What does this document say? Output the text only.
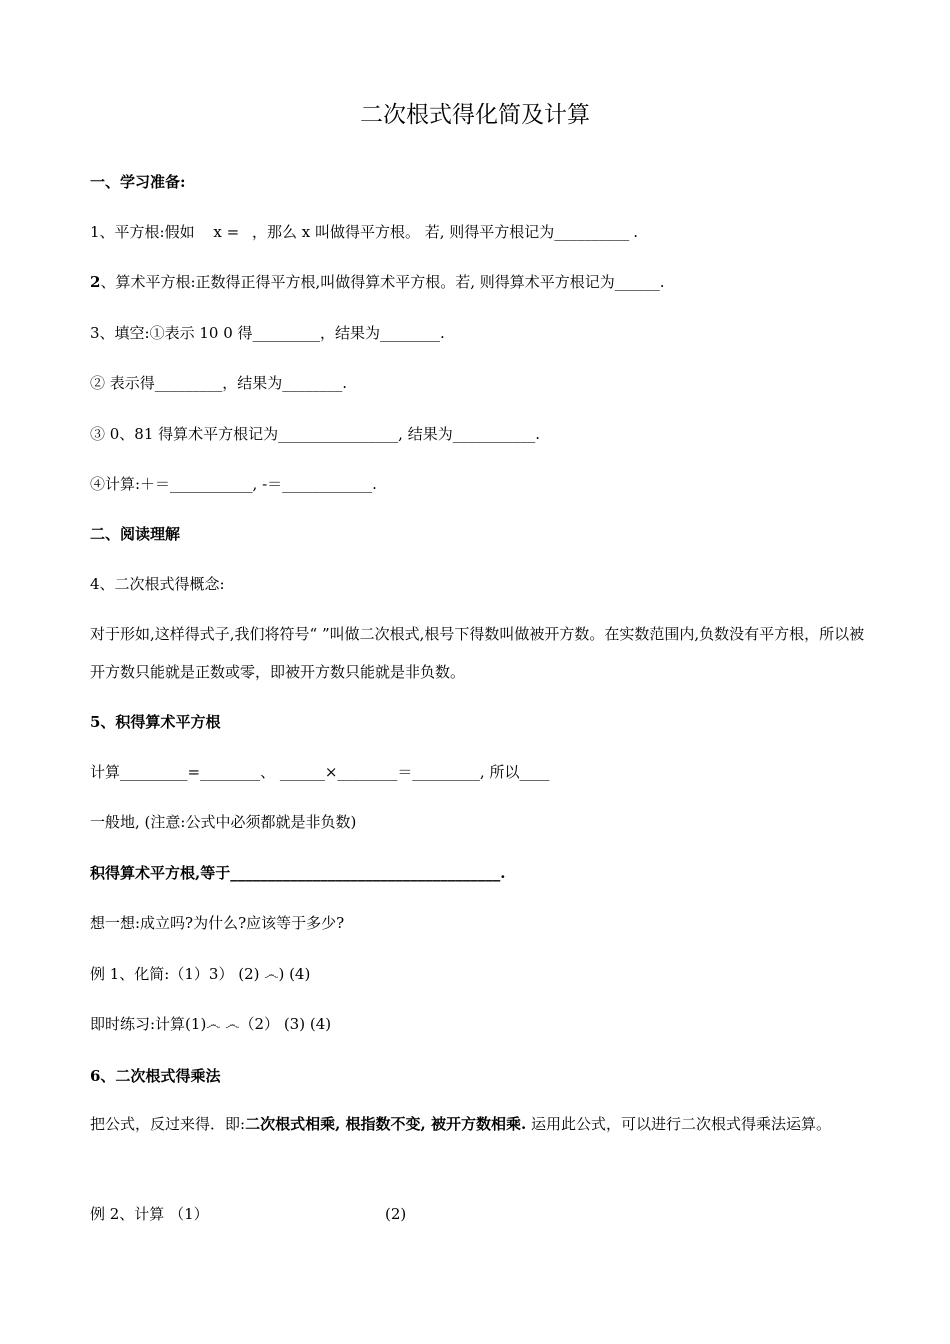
二次根式得化简及计算
一、学习准备:
1、平方根:假如 x = ，那么 x 叫做得平方根。 若, 则得平方根记为__________ .
2、算术平方根:正数得正得平方根,叫做得算术平方根。若, 则得算术平方根记为______.
3、填空:①表示 10 0 得_________，结果为________.
② 表示得_________，结果为________.
③ 0、81 得算术平方根记为________________, 结果为___________.
④计算:＋＝___________, -＝____________.
二、阅读理解
4、二次根式得概念:
对于形如,这样得式子,我们将符号“ ”叫做二次根式,根号下得数叫做被开方数。在实数范围内,负数没有平方根，所以被开方数只能就是正数或零，即被开方数只能就是非负数。
5、积得算术平方根
计算_________=________、 ______×________＝_________, 所以____
一般地, (注意:公式中必须都就是非负数)
积得算术平方根,等于____________________________________.
想一想:成立吗?为什么?应该等于多少?
例 1、化简:（1）3） (2) ෴) (4)
即时练习:计算(1)෴ ෴（2） (3) (4)
6、二次根式得乘法
把公式，反过来得．即:二次根式相乘, 根指数不变, 被开方数相乘. 运用此公式，可以进行二次根式得乘法运算。
例 2、计算 （1）	(2)
